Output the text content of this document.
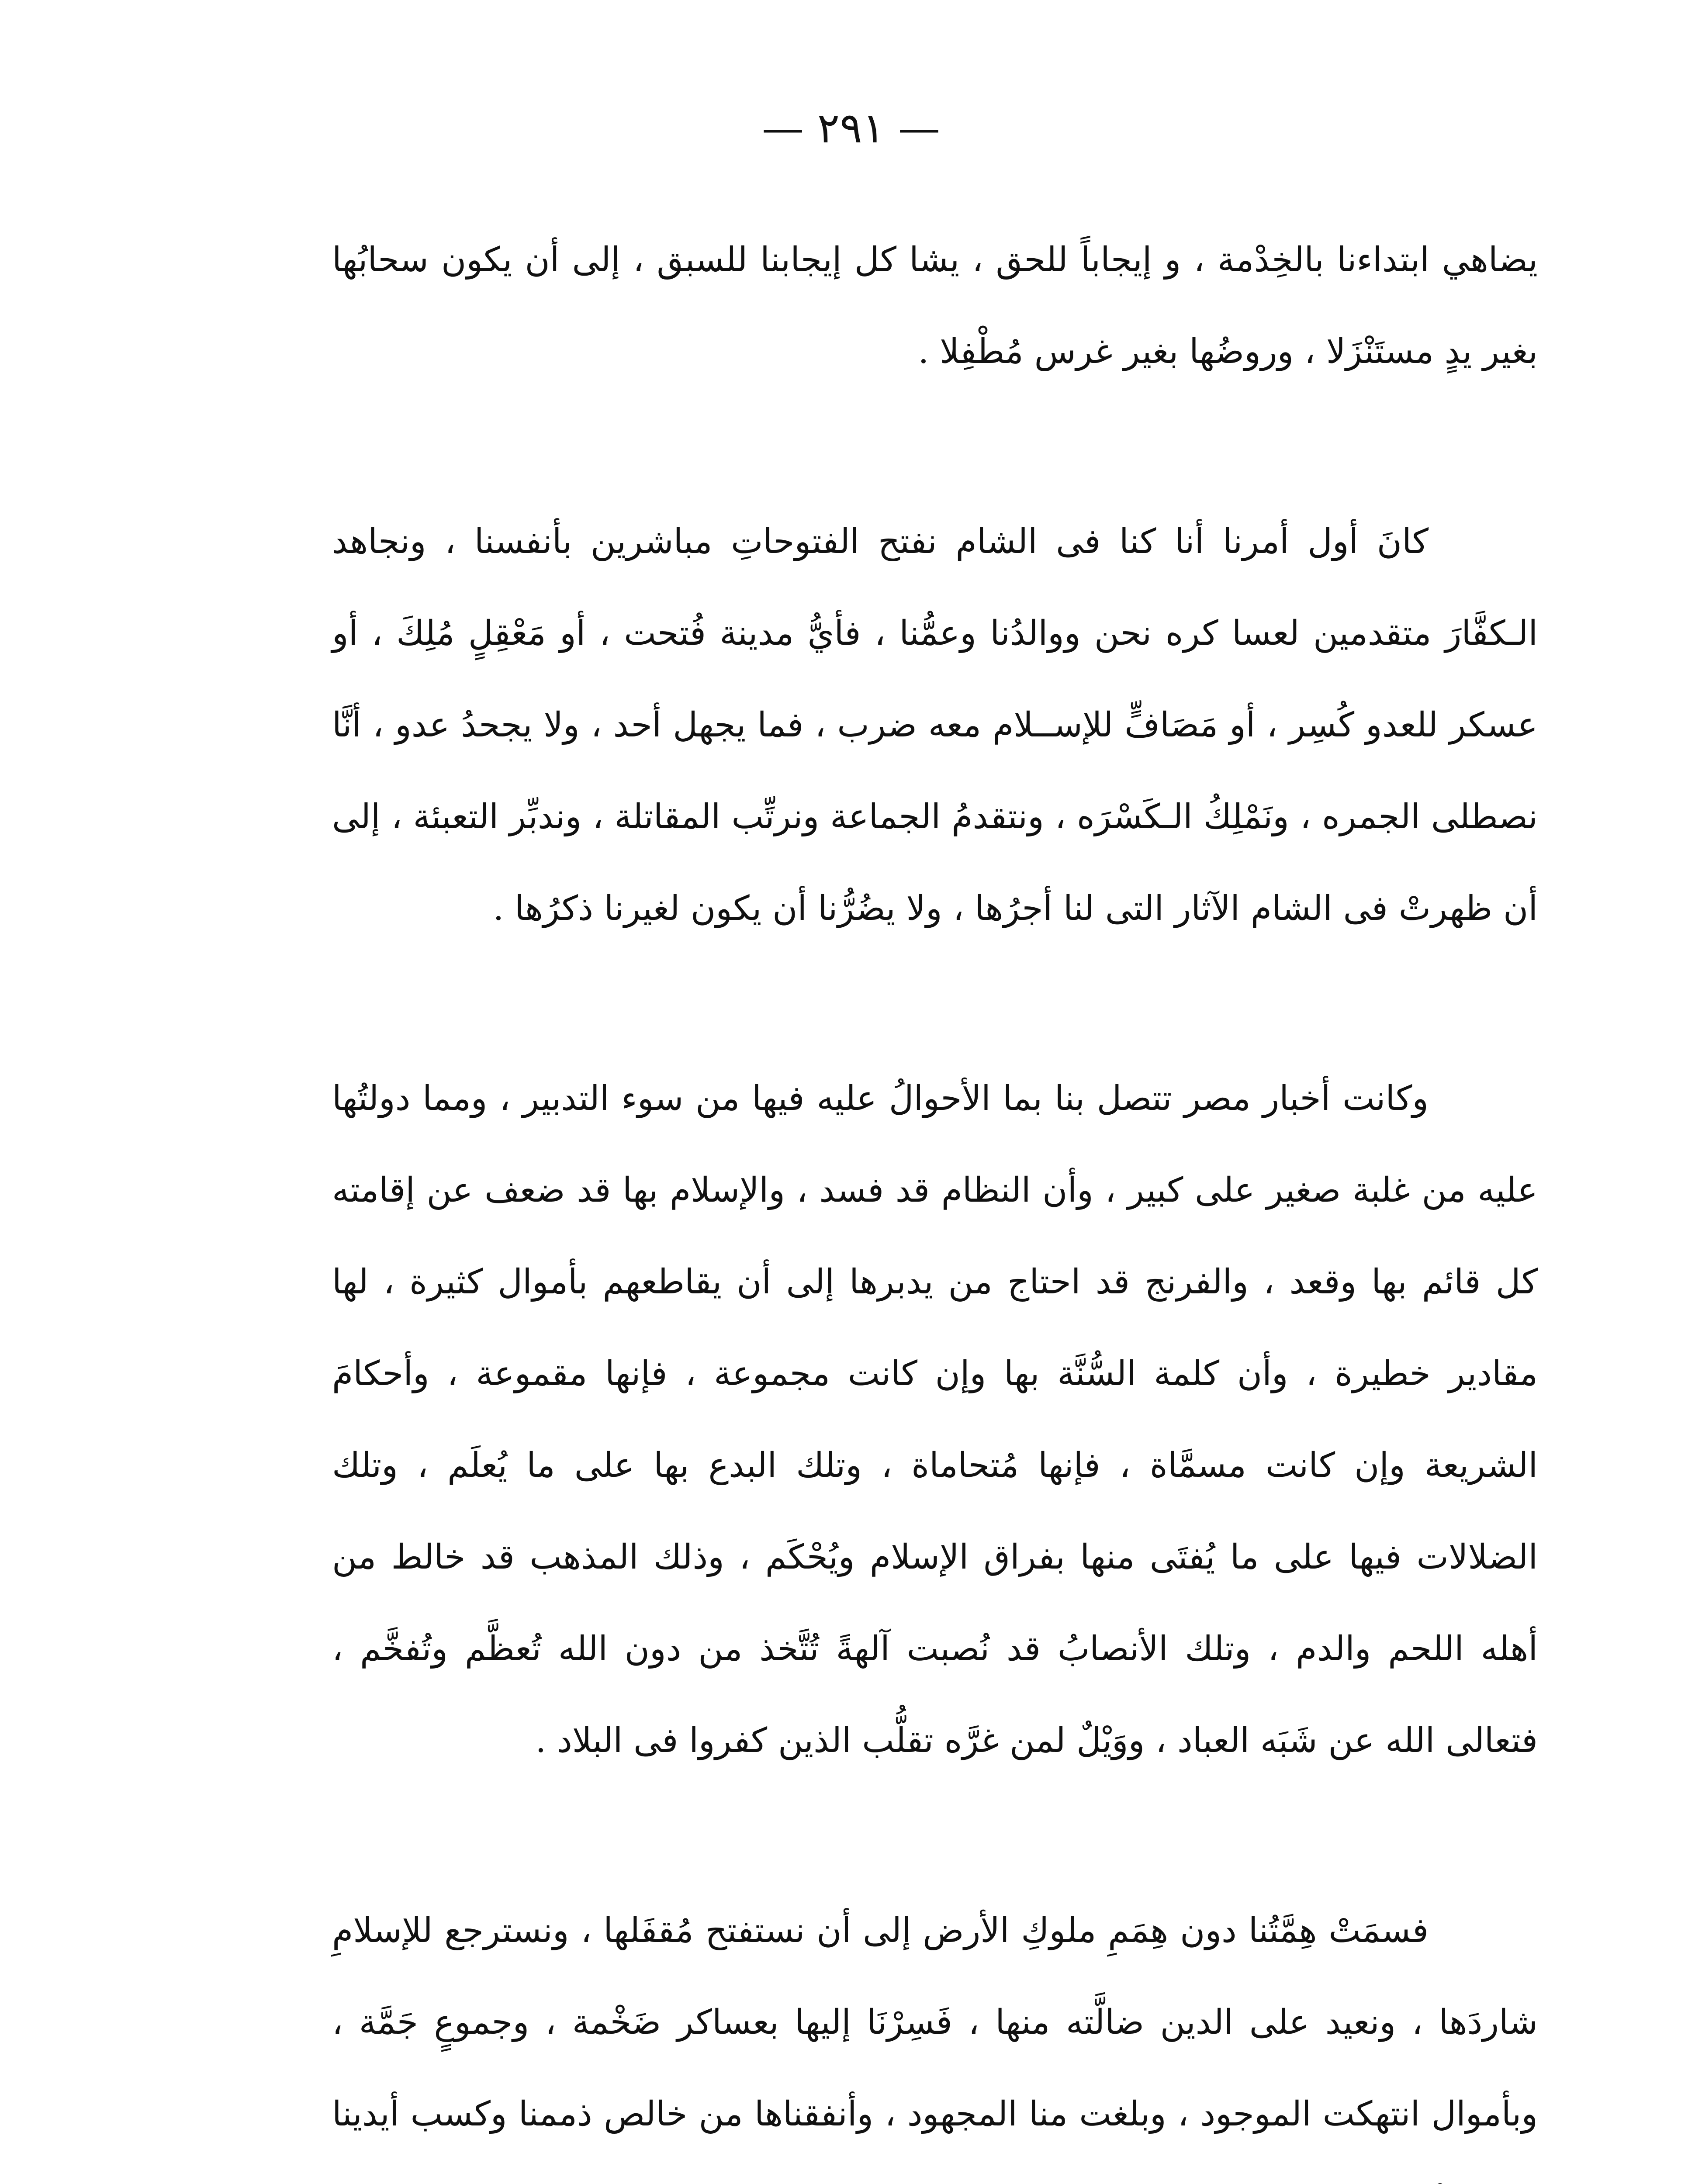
— ٢٩١ —

يضاهي ابتداءنا بالخِدْمة ، و إيجاباً للحق ، يشا كل إيجابنا للسبق ، إلى أن يكون سحابُها بغير يدٍ مستَنْزَلا ، وروضُها بغير غرس مُطْفِلا .

كانَ أول أمرنا أنا كنا فى الشام نفتح الفتوحاتِ مباشرين بأنفسنا ، ونجاهد الـكفَّارَ متقدمين لعسا كره نحن ووالدُنا وعمُّنا ، فأيُّ مدينة فُتحت ، أو مَعْقِلٍ مُلِكَ ، أو عسكر للعدو كُسِر ، أو مَصَافٍّ للإســلام معه ضرب ، فما يجهل أحد ، ولا يجحدُ عدو ، أنَّا نصطلى الجمره ، ونَمْلِكُ الـكَسْرَه ، ونتقدمُ الجماعة ونرتِّب المقاتلة ، وندبِّر التعبئة ، إلى أن ظهرتْ فى الشام الآثار التى لنا أجرُها ، ولا يضُرُّنا أن يكون لغيرنا ذكرُها .

وكانت أخبار مصر تتصل بنا بما الأحوالُ عليه فيها من سوء التدبير ، ومما دولتُها عليه من غلبة صغير على كبير ، وأن النظام قد فسد ، والإسلام بها قد ضعف عن إقامته كل قائم بها وقعد ، والفرنج قد احتاج من يدبرها إلى أن يقاطعهم بأموال كثيرة ، لها مقادير خطيرة ، وأن كلمة السُّنَّة بها وإن كانت مجموعة ، فإنها مقموعة ، وأحكامَ الشريعة وإن كانت مسمَّاة ، فإنها مُتحاماة ، وتلك البدع بها على ما يُعلَم ، وتلك الضلالات فيها على ما يُفتَى منها بفراق الإسلام ويُحْكَم ، وذلك المذهب قد خالط من أهله اللحم والدم ، وتلك الأنصابُ قد نُصبت آلهةً تُتَّخذ من دون الله تُعظَّم وتُفخَّم ، فتعالى الله عن شَبَه العباد ، ووَيْلٌ لمن غرَّه تقلُّب الذين كفروا فى البلاد .

فسمَتْ هِمَّتُنا دون هِمَمِ ملوكِ الأرض إلى أن نستفتح مُقفَلها ، ونسترجع للإسلامِ شاردَها ، ونعيد على الدين ضالَّته منها ، فَسِرْنَا إليها بعساكر ضَخْمة ، وجموعٍ جَمَّة ، وبأموال انتهكت الموجود ، وبلغت منا المجهود ، وأنفقناها من خالص ذممنا وكسب أيدينا
